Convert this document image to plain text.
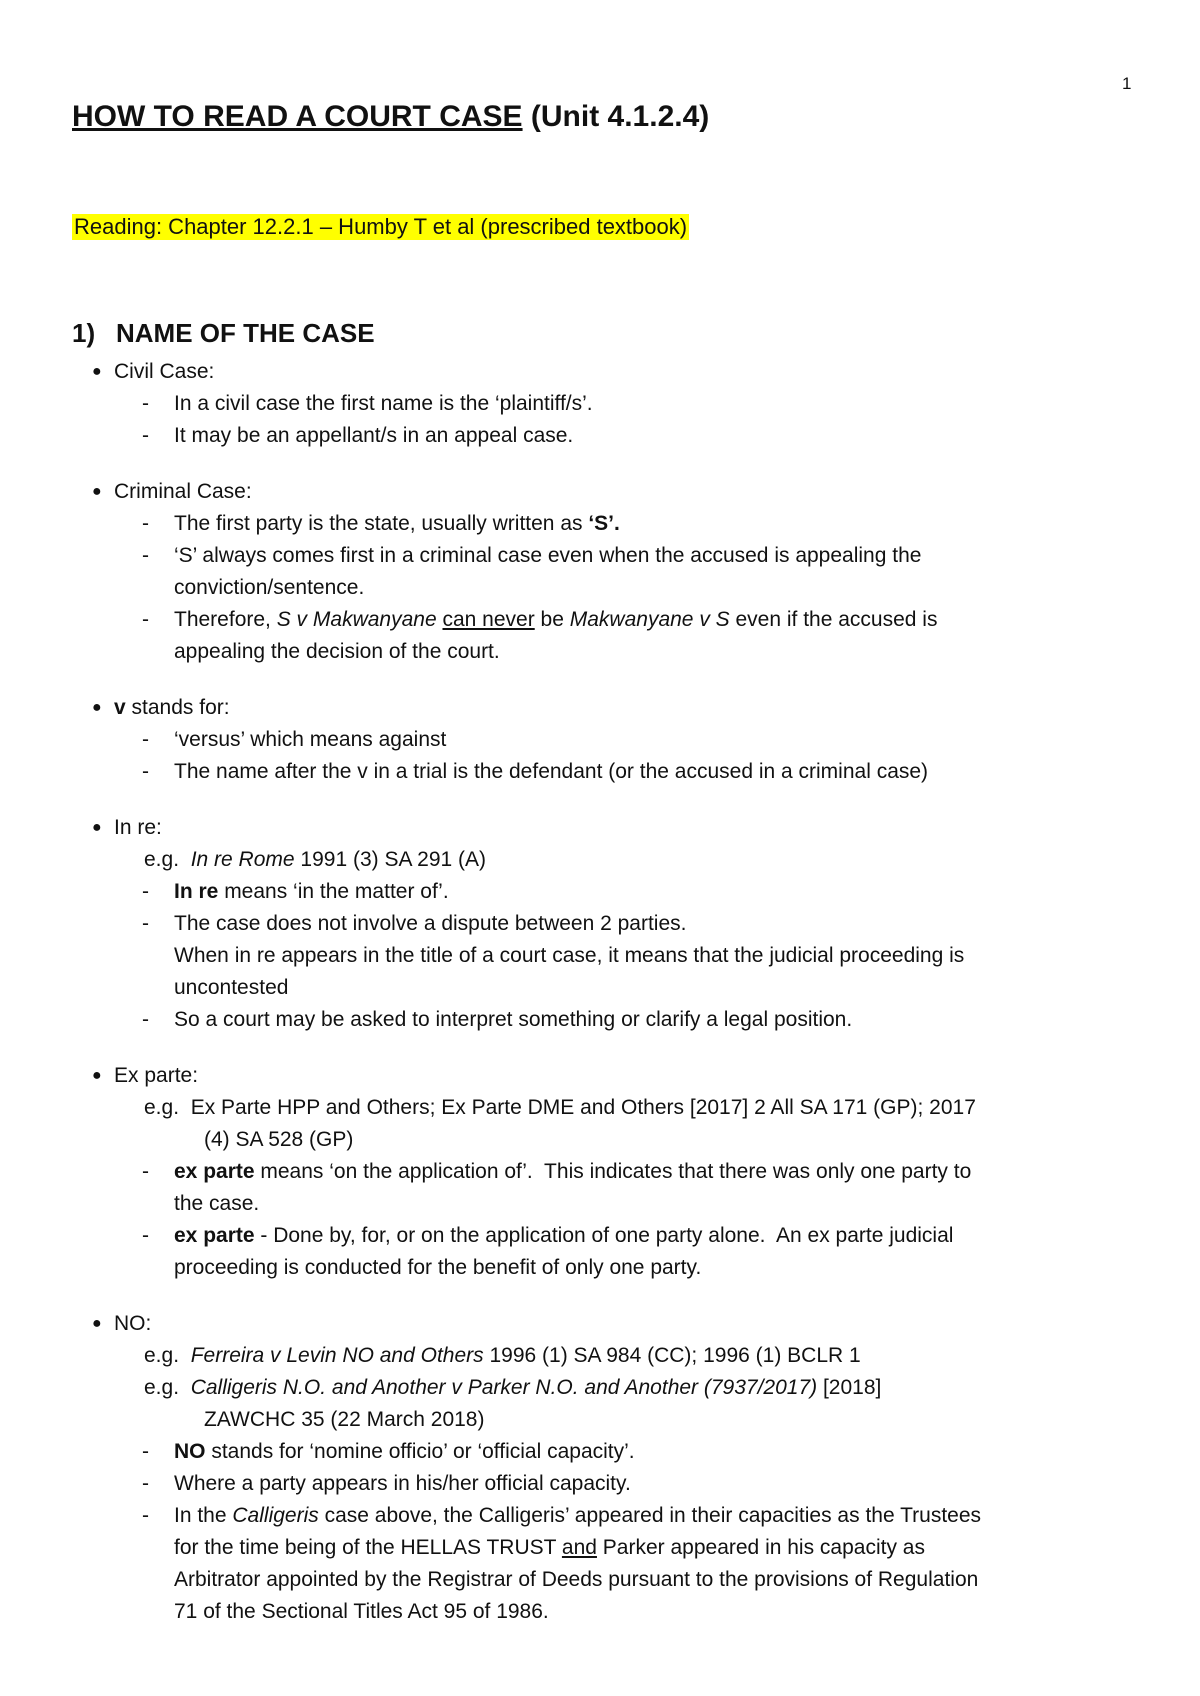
1
HOW TO READ A COURT CASE (Unit 4.1.2.4)
Reading: Chapter 12.2.1 – Humby T et al (prescribed textbook)
1) NAME OF THE CASE
● Civil Case:
- In a civil case the first name is the ‘plaintiff/s’.
- It may be an appellant/s in an appeal case.
● Criminal Case:
- The first party is the state, usually written as ‘S’.
- ‘S’ always comes first in a criminal case even when the accused is appealing the
conviction/sentence.
- Therefore, S v Makwanyane can never be Makwanyane v S even if the accused is
appealing the decision of the court.
● v stands for:
- ‘versus’ which means against
- The name after the v in a trial is the defendant (or the accused in a criminal case)
● In re:
e.g.  In re Rome 1991 (3) SA 291 (A)
- In re means ‘in the matter of’.
- The case does not involve a dispute between 2 parties.
When in re appears in the title of a court case, it means that the judicial proceeding is
uncontested
- So a court may be asked to interpret something or clarify a legal position.
● Ex parte:
e.g.  Ex Parte HPP and Others; Ex Parte DME and Others [2017] 2 All SA 171 (GP); 2017
(4) SA 528 (GP)
- ex parte means ‘on the application of’.  This indicates that there was only one party to
the case.
- ex parte - Done by, for, or on the application of one party alone.  An ex parte judicial
proceeding is conducted for the benefit of only one party.
● NO:
e.g.  Ferreira v Levin NO and Others 1996 (1) SA 984 (CC); 1996 (1) BCLR 1
e.g.  Calligeris N.O. and Another v Parker N.O. and Another (7937/2017) [2018]
ZAWCHC 35 (22 March 2018)
- NO stands for ‘nomine officio’ or ‘official capacity’.
- Where a party appears in his/her official capacity.
- In the Calligeris case above, the Calligeris’ appeared in their capacities as the Trustees
for the time being of the HELLAS TRUST and Parker appeared in his capacity as
Arbitrator appointed by the Registrar of Deeds pursuant to the provisions of Regulation
71 of the Sectional Titles Act 95 of 1986.
